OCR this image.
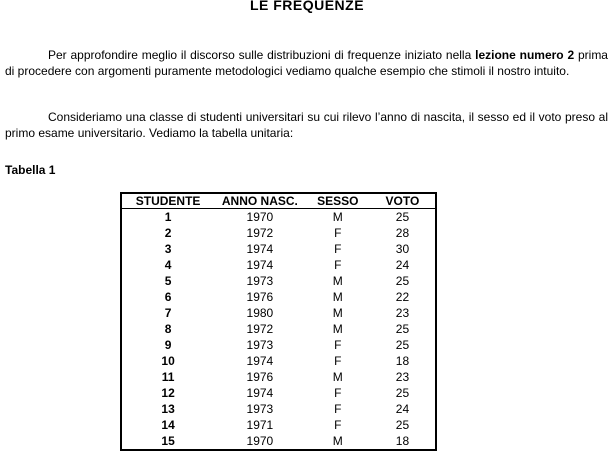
LE FREQUENZE

Per approfondire meglio il discorso sulle distribuzioni di frequenze iniziato nella lezione numero 2 prima di procedere con argomenti puramente metodologici vediamo qualche esempio che stimoli il nostro intuito.

Consideriamo una classe di studenti universitari su cui rilevo l’anno di nascita, il sesso ed il voto preso al primo esame universitario. Vediamo la tabella unitaria:

Tabella 1

STUDENTE	ANNO NASC.	SESSO	VOTO
1	1970	M	25
2	1972	F	28
3	1974	F	30
4	1974	F	24
5	1973	M	25
6	1976	M	22
7	1980	M	23
8	1972	M	25
9	1973	F	25
10	1974	F	18
11	1976	M	23
12	1974	F	25
13	1973	F	24
14	1971	F	25
15	1970	M	18
